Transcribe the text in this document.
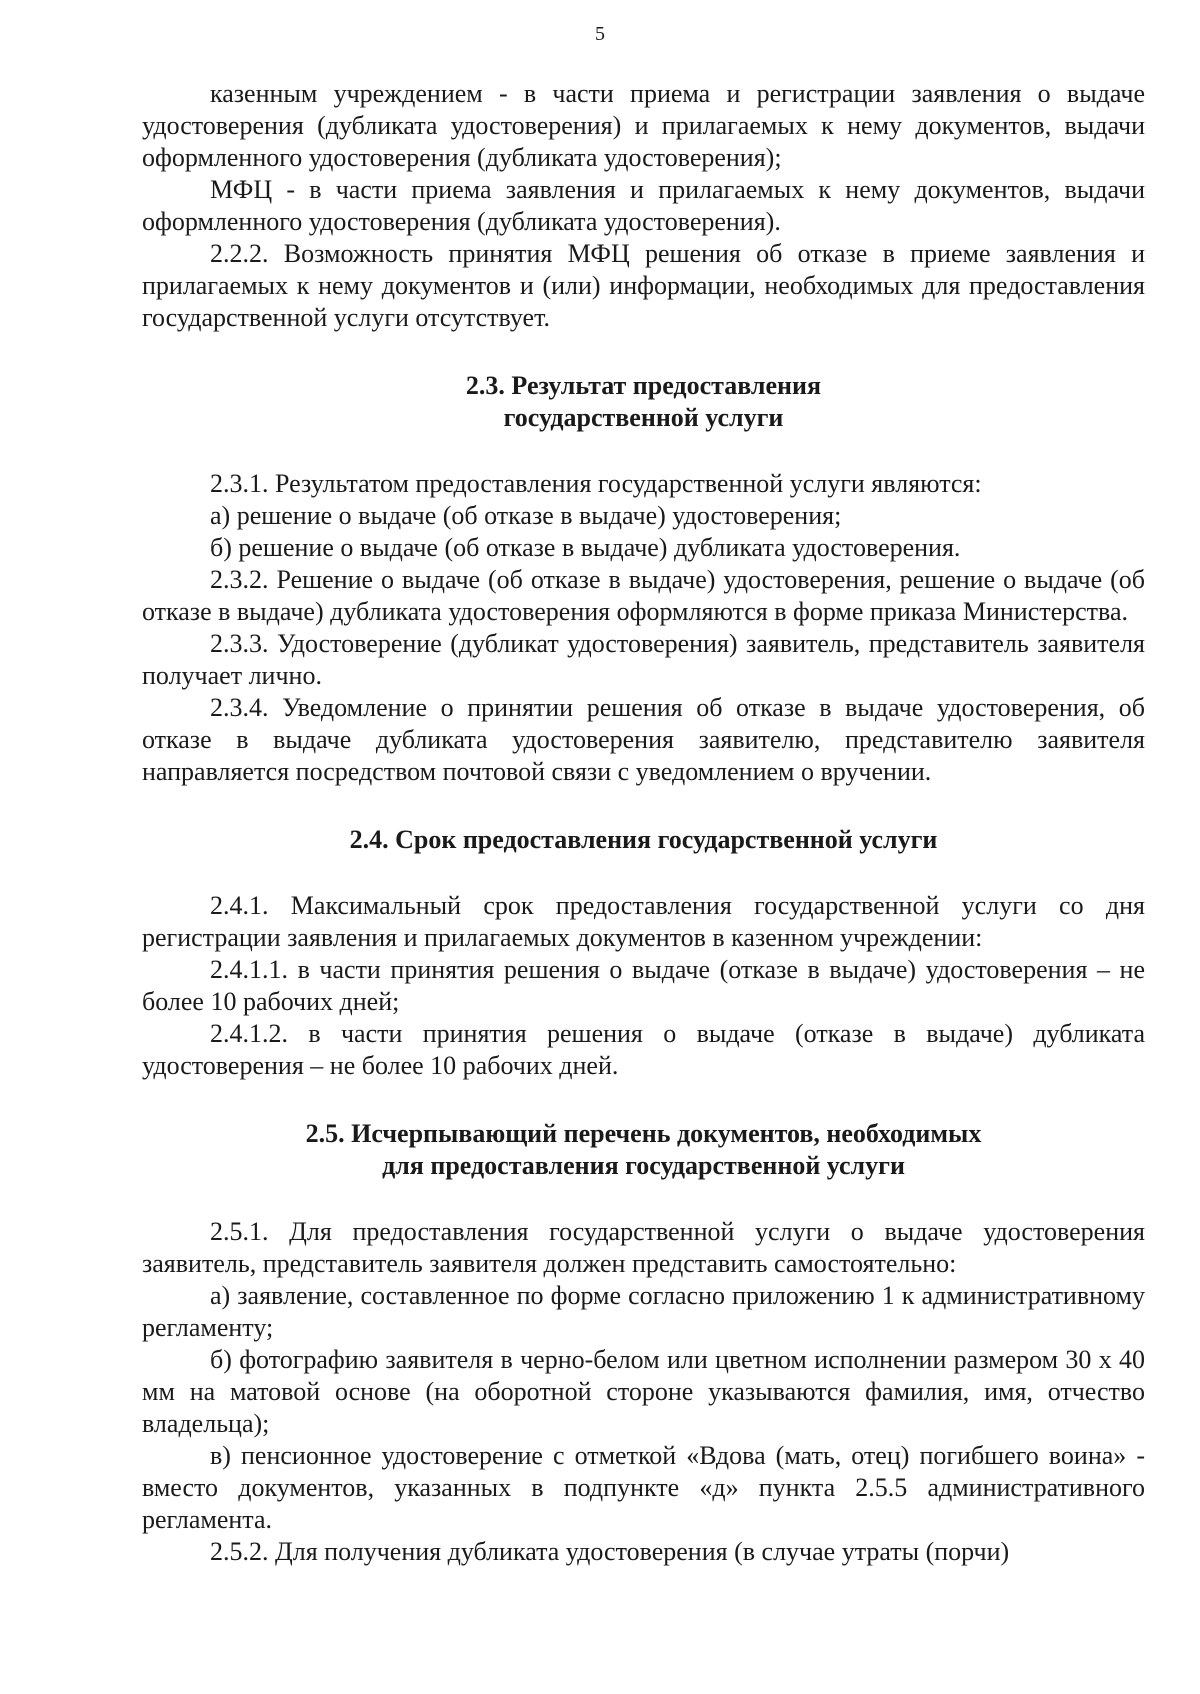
5

казенным учреждением - в части приема и регистрации заявления о выдаче удостоверения (дубликата удостоверения) и прилагаемых к нему документов, выдачи оформленного удостоверения (дубликата удостоверения);

МФЦ - в части приема заявления и прилагаемых к нему документов, выдачи оформленного удостоверения (дубликата удостоверения).

2.2.2. Возможность принятия МФЦ решения об отказе в приеме заявления и прилагаемых к нему документов и (или) информации, необходимых для предоставления государственной услуги отсутствует.

2.3. Результат предоставления
государственной услуги

2.3.1. Результатом предоставления государственной услуги являются:

а) решение о выдаче (об отказе в выдаче) удостоверения;

б) решение о выдаче (об отказе в выдаче) дубликата удостоверения.

2.3.2. Решение о выдаче (об отказе в выдаче) удостоверения, решение о выдаче (об отказе в выдаче) дубликата удостоверения оформляются в форме приказа Министерства.

2.3.3. Удостоверение (дубликат удостоверения) заявитель, представитель заявителя получает лично.

2.3.4. Уведомление о принятии решения об отказе в выдаче удостоверения, об отказе в выдаче дубликата удостоверения заявителю, представителю заявителя направляется посредством почтовой связи с уведомлением о вручении.

2.4. Срок предоставления государственной услуги

2.4.1. Максимальный срок предоставления государственной услуги со дня регистрации заявления и прилагаемых документов в казенном учреждении:

2.4.1.1. в части принятия решения о выдаче (отказе в выдаче) удостоверения – не более 10 рабочих дней;

2.4.1.2. в части принятия решения о выдаче (отказе в выдаче) дубликата удостоверения – не более 10 рабочих дней.

2.5. Исчерпывающий перечень документов, необходимых
для предоставления государственной услуги

2.5.1. Для предоставления государственной услуги о выдаче удостоверения заявитель, представитель заявителя должен представить самостоятельно:

а) заявление, составленное по форме согласно приложению 1 к административному регламенту;

б) фотографию заявителя в черно-белом или цветном исполнении размером 30 х 40 мм на матовой основе (на оборотной стороне указываются фамилия, имя, отчество владельца);

в) пенсионное удостоверение с отметкой «Вдова (мать, отец) погибшего воина» - вместо документов, указанных в подпункте «д» пункта 2.5.5 административного регламента.

2.5.2. Для получения дубликата удостоверения (в случае утраты (порчи)
